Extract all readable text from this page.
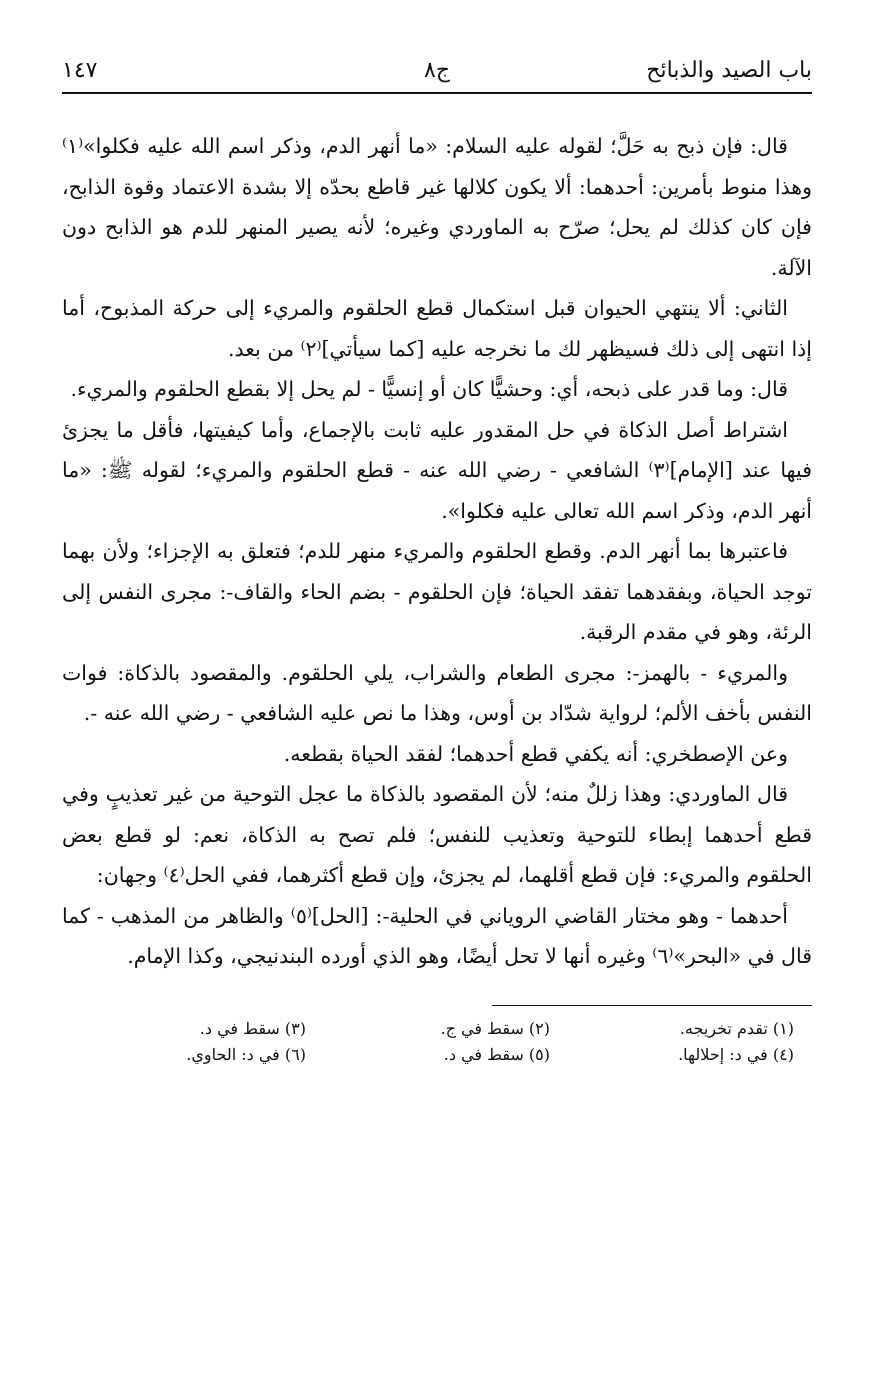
باب الصيد والذبائح
ج٨
١٤٧

قال: فإن ذبح به حَلَّ؛ لقوله عليه السلام: «ما أنهر الدم، وذكر اسم الله عليه فكلوا»⁽١⁾ وهذا منوط بأمرين: أحدهما: ألا يكون كلالها غير قاطع بحدّه إلا بشدة الاعتماد وقوة الذابح، فإن كان كذلك لم يحل؛ صرّح به الماوردي وغيره؛ لأنه يصير المنهر للدم هو الذابح دون الآلة.

الثاني: ألا ينتهي الحيوان قبل استكمال قطع الحلقوم والمريء إلى حركة المذبوح، أما إذا انتهى إلى ذلك فسيظهر لك ما نخرجه عليه [كما سيأتي]⁽٢⁾ من بعد.

قال: وما قدر على ذبحه، أي: وحشيًّا كان أو إنسيًّا - لم يحل إلا بقطع الحلقوم والمريء.

اشتراط أصل الذكاة في حل المقدور عليه ثابت بالإجماع، وأما كيفيتها، فأقل ما يجزئ فيها عند [الإمام]⁽٣⁾ الشافعي - رضي الله عنه - قطع الحلقوم والمريء؛ لقوله ﷺ: «ما أنهر الدم، وذكر اسم الله تعالى عليه فكلوا».

فاعتبرها بما أنهر الدم. وقطع الحلقوم والمريء منهر للدم؛ فتعلق به الإجزاء؛ ولأن بهما توجد الحياة، وبفقدهما تفقد الحياة؛ فإن الحلقوم - بضم الحاء والقاف-: مجرى النفس إلى الرئة، وهو في مقدم الرقبة.

والمريء - بالهمز-: مجرى الطعام والشراب، يلي الحلقوم. والمقصود بالذكاة: فوات النفس بأخف الألم؛ لرواية شدّاد بن أوس، وهذا ما نص عليه الشافعي - رضي الله عنه -.

وعن الإصطخري: أنه يكفي قطع أحدهما؛ لفقد الحياة بقطعه.

قال الماوردي: وهذا زللٌ منه؛ لأن المقصود بالذكاة ما عجل التوحية من غير تعذيبٍ وفي قطع أحدهما إبطاء للتوحية وتعذيب للنفس؛ فلم تصح به الذكاة، نعم: لو قطع بعض الحلقوم والمريء: فإن قطع أقلهما، لم يجزئ، وإن قطع أكثرهما، ففي الحل⁽٤⁾ وجهان:

أحدهما - وهو مختار القاضي الروياني في الحلية-: [الحل]⁽٥⁾ والظاهر من المذهب - كما قال في «البحر»⁽٦⁾ وغيره أنها لا تحل أيضًا، وهو الذي أورده البندنيجي، وكذا الإمام.

(١) تقدم تخريجه.
(٢) سقط في ج.
(٣) سقط في د.
(٤) في د: إحلالها.
(٥) سقط في د.
(٦) في د: الحاوي.
